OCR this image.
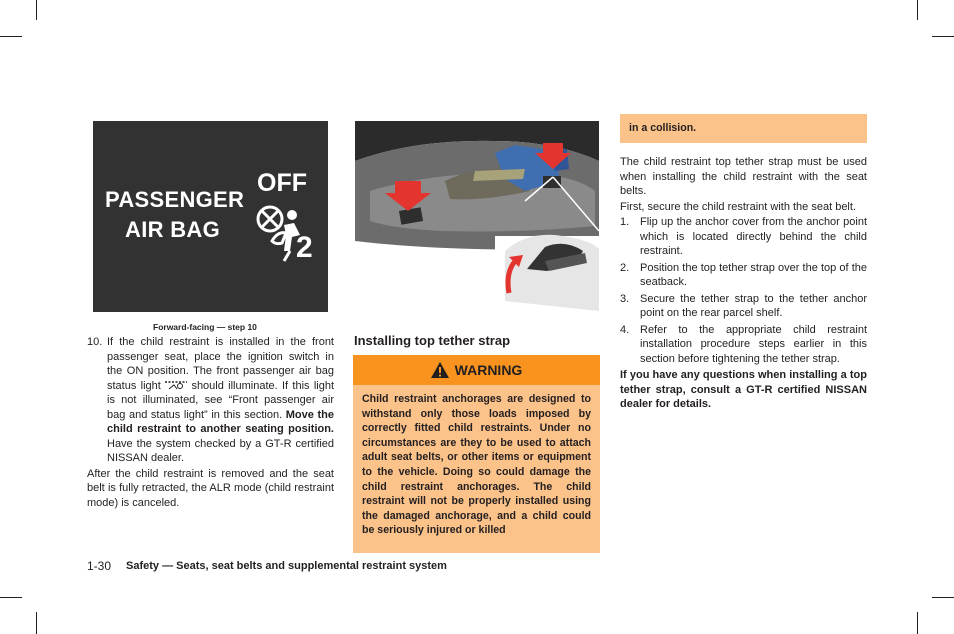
PASSENGER
AIR BAG
OFF
2
Forward-facing — step 10
10. If the child restraint is installed in the front passenger seat, place the ignition switch in the ON position. The front passenger air bag status light  should illuminate. If this light is not illuminated, see “Front passenger air bag and status light” in this section. Move the child restraint to another seating position. Have the system checked by a GT-R certified NISSAN dealer.

After the child restraint is removed and the seat belt is fully retracted, the ALR mode (child restraint mode) is canceled.

Installing top tether strap
WARNING
Child restraint anchorages are designed to withstand only those loads imposed by correctly fitted child restraints. Under no circumstances are they to be used to attach adult seat belts, or other items or equipment to the vehicle. Doing so could damage the child restraint anchorages. The child restraint will not be properly installed using the damaged anchorage, and a child could be seriously injured or killed
in a collision.

The child restraint top tether strap must be used when installing the child restraint with the seat belts.

First, secure the child restraint with the seat belt.

1. Flip up the anchor cover from the anchor point which is located directly behind the child restraint.
2. Position the top tether strap over the top of the seatback.
3. Secure the tether strap to the tether anchor point on the rear parcel shelf.
4. Refer to the appropriate child restraint installation procedure steps earlier in this section before tightening the tether strap.

If you have any questions when installing a top tether strap, consult a GT-R certified NISSAN dealer for details.

1-30 Safety — Seats, seat belts and supplemental restraint system
